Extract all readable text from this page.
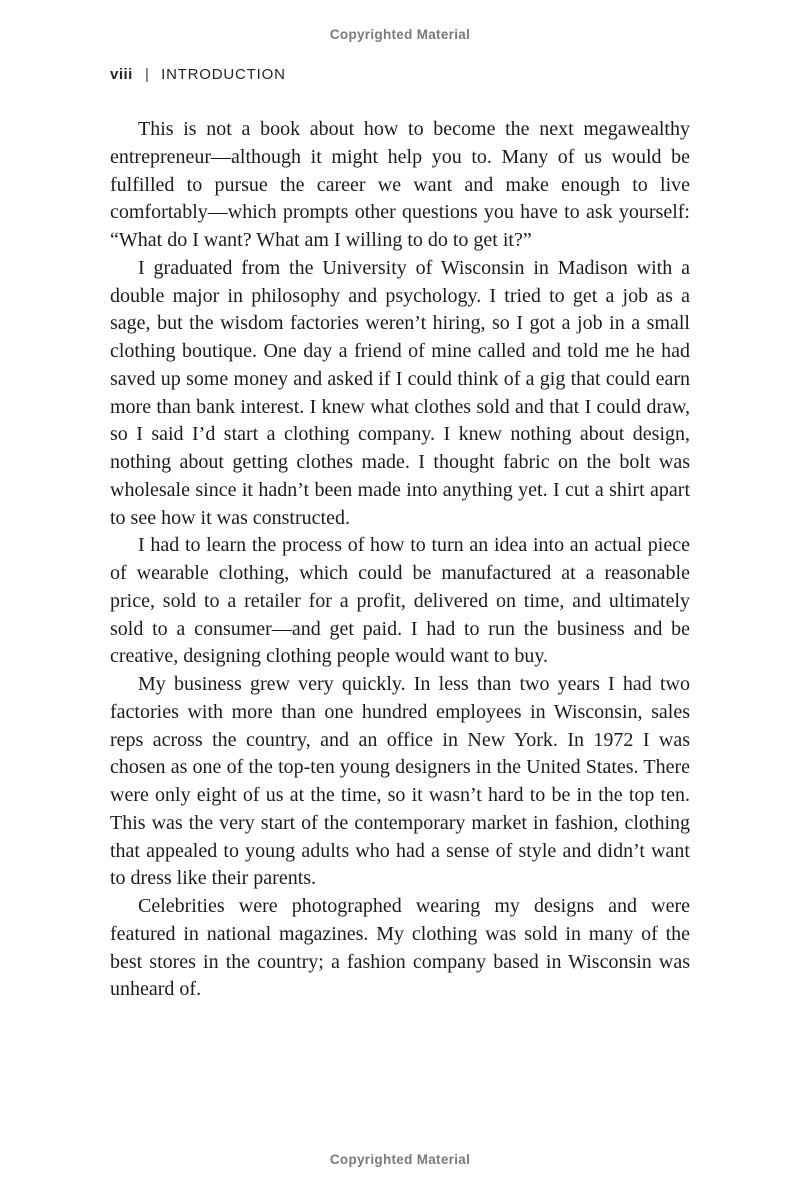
Copyrighted Material
viii | INTRODUCTION

This is not a book about how to become the next megawealthy entrepreneur—although it might help you to. Many of us would be fulfilled to pursue the career we want and make enough to live comfortably—which prompts other questions you have to ask yourself: “What do I want? What am I willing to do to get it?”

I graduated from the University of Wisconsin in Madison with a double major in philosophy and psychology. I tried to get a job as a sage, but the wisdom factories weren’t hiring, so I got a job in a small clothing boutique. One day a friend of mine called and told me he had saved up some money and asked if I could think of a gig that could earn more than bank interest. I knew what clothes sold and that I could draw, so I said I’d start a clothing company. I knew nothing about design, nothing about getting clothes made. I thought fabric on the bolt was wholesale since it hadn’t been made into anything yet. I cut a shirt apart to see how it was constructed.

I had to learn the process of how to turn an idea into an actual piece of wearable clothing, which could be manufactured at a reasonable price, sold to a retailer for a profit, delivered on time, and ultimately sold to a consumer—and get paid. I had to run the business and be creative, designing clothing people would want to buy.

My business grew very quickly. In less than two years I had two factories with more than one hundred employees in Wisconsin, sales reps across the country, and an office in New York. In 1972 I was chosen as one of the top-ten young designers in the United States. There were only eight of us at the time, so it wasn’t hard to be in the top ten. This was the very start of the contemporary market in fashion, clothing that appealed to young adults who had a sense of style and didn’t want to dress like their parents.

Celebrities were photographed wearing my designs and were featured in national magazines. My clothing was sold in many of the best stores in the country; a fashion company based in Wisconsin was unheard of.

Copyrighted Material
